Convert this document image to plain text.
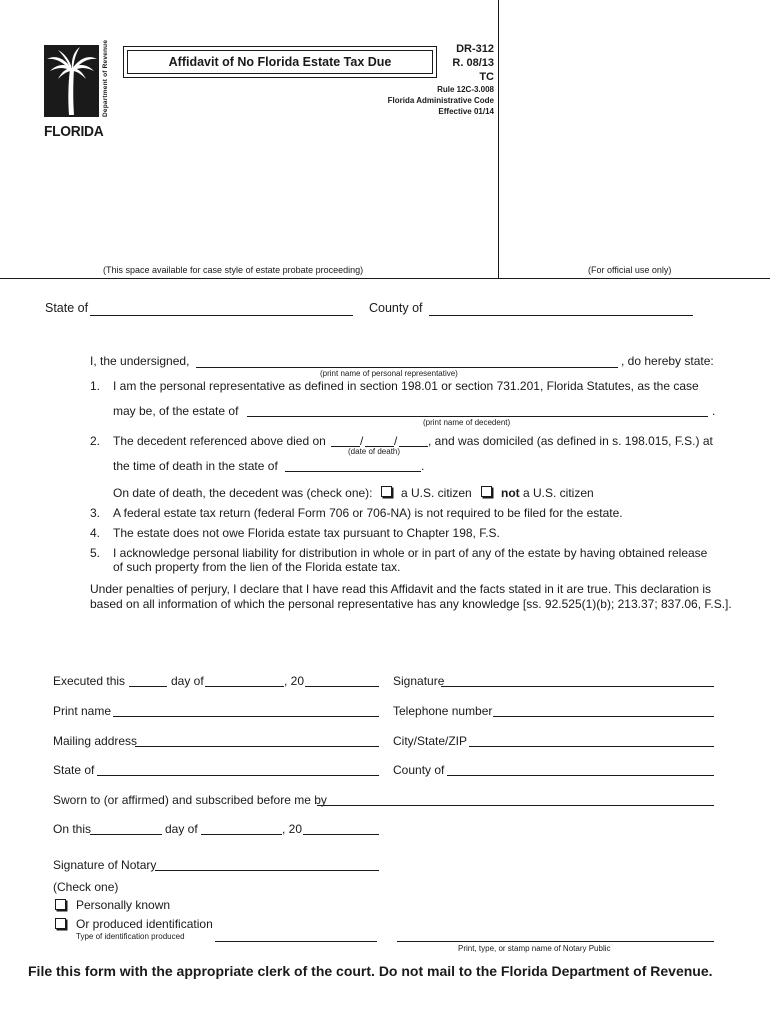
Department of Revenue
FLORIDA
Affidavit of No Florida Estate Tax Due
DR-312
R. 08/13
TC
Rule 12C-3.008
Florida Administrative Code
Effective 01/14
(This space available for case style of estate probate proceeding)	(For official use only)
State of	County of
I, the undersigned,	, do hereby state:
(print name of personal representative)
1. I am the personal representative as defined in section 198.01 or section 731.201, Florida Statutes, as the case
may be, of the estate of	.
(print name of decedent)
2. The decedent referenced above died on	/	/	, and was domiciled (as defined in s. 198.015, F.S.) at
(date of death)
the time of death in the state of	.
On date of death, the decedent was (check one): a U.S. citizen not a U.S. citizen
3. A federal estate tax return (federal Form 706 or 706-NA) is not required to be filed for the estate.
4. The estate does not owe Florida estate tax pursuant to Chapter 198, F.S.
5. I acknowledge personal liability for distribution in whole or in part of any of the estate by having obtained release
of such property from the lien of the Florida estate tax.
Under penalties of perjury, I declare that I have read this Affidavit and the facts stated in it are true. This declaration is
based on all information of which the personal representative has any knowledge [ss. 92.525(1)(b); 213.37; 837.06, F.S.].
Executed this	day of	, 20	Signature
Print name	Telephone number
Mailing address	City/State/ZIP
State of	County of
Sworn to (or affirmed) and subscribed before me by
On this	day of	, 20
Signature of Notary
(Check one)
Personally known
Or produced identification
Type of identification produced
Print, type, or stamp name of Notary Public
File this form with the appropriate clerk of the court. Do not mail to the Florida Department of Revenue.
